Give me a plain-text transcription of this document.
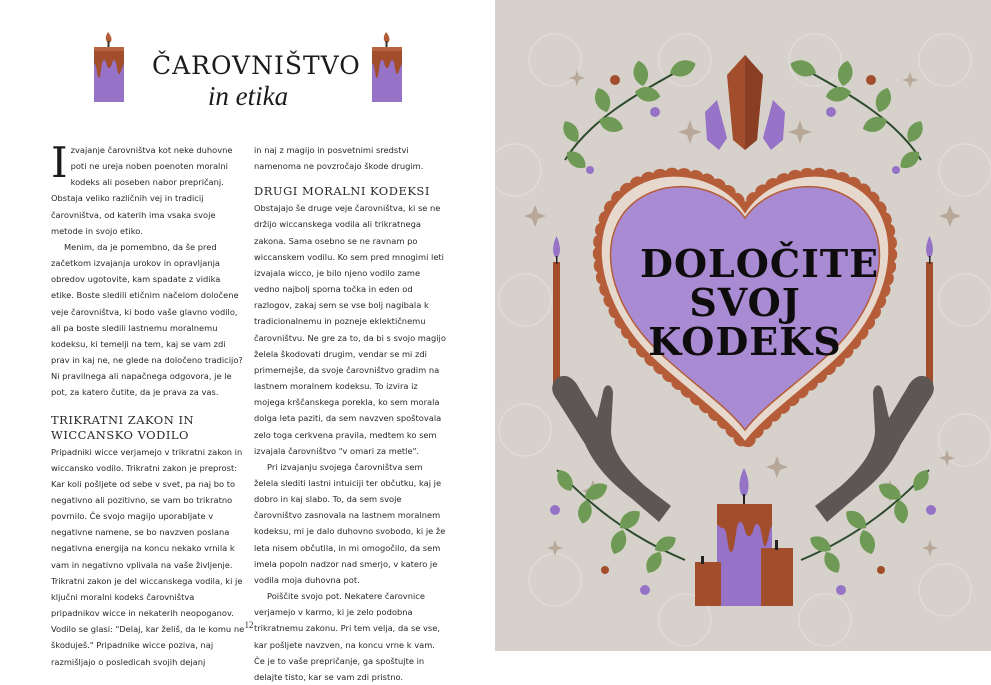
ČAROVNIŠTVO
in etika

Izvajanje čarovništva kot neke duhovne poti ne ureja noben poenoten moralni kodeks ali poseben nabor prepričanj. Obstaja veliko različnih vej in tradicij čarovništva, od katerih ima vsaka svoje metode in svojo etiko.

Menim, da je pomembno, da še pred začetkom izvajanja urokov in opravljanja obredov ugotovite, kam spadate z vidika etike. Boste sledili etičnim načelom določene veje čarovništva, ki bodo vaše glavno vodilo, ali pa boste sledili lastnemu moralnemu kodeksu, ki temelji na tem, kaj se vam zdi prav in kaj ne, ne glede na določeno tradicijo? Ni pravilnega ali napačnega odgovora, je le pot, za katero čutite, da je prava za vas.

TRIKRATNI ZAKON IN WICCANSKO VODILO

Pripadniki wicce verjamejo v trikratni zakon in wiccansko vodilo. Trikratni zakon je preprost: Kar koli pošljete od sebe v svet, pa naj bo to negativno ali pozitivno, se vam bo trikratno povrnilo. Če svojo magijo uporabljate v negativne namene, se bo navzven poslana negativna energija na koncu nekako vrnila k vam in negativno vplivala na vaše življenje. Trikratni zakon je del wiccanskega vodila, ki je ključni moralni kodeks čarovništva pripadnikov wicce in nekaterih neopoganov. Vodilo se glasi: "Delaj, kar želiš, da le komu ne škoduješ." Pripadnike wicce poziva, naj razmišljajo o posledicah svojih dejanj

in naj z magijo in posvetnimi sredstvi namenoma ne povzročajo škode drugim.

DRUGI MORALNI KODEKSI

Obstajajo še druge veje čarovništva, ki se ne držijo wiccanskega vodila ali trikratnega zakona. Sama osebno se ne ravnam po wiccanskem vodilu. Ko sem pred mnogimi leti izvajala wicco, je bilo njeno vodilo zame vedno najbolj sporna točka in eden od razlogov, zakaj sem se vse bolj nagibala k tradicionalnemu in pozneje eklektičnemu čarovništvu. Ne gre za to, da bi s svojo magijo želela škodovati drugim, vendar se mi zdi primernejše, da svoje čarovništvo gradim na lastnem moralnem kodeksu. To izvira iz mojega krščanskega porekla, ko sem morala dolga leta paziti, da sem navzven spoštovala zelo toga cerkvena pravila, medtem ko sem izvajala čarovništvo "v omari za metle".

Pri izvajanju svojega čarovništva sem želela slediti lastni intuiciji ter občutku, kaj je dobro in kaj slabo. To, da sem svoje čarovništvo zasnovala na lastnem moralnem kodeksu, mi je dalo duhovno svobodo, ki je že leta nisem občutila, in mi omogočilo, da sem imela popoln nadzor nad smerjo, v katero je vodila moja duhovna pot.

Poiščite svojo pot. Nekatere čarovnice verjamejo v karmo, ki je zelo podobna trikratnemu zakonu. Pri tem velja, da se vse, kar pošljete navzven, na koncu vrne k vam. Če je to vaše prepričanje, ga spoštujte in delajte tisto, kar se vam zdi pristno.

12
DOLOČITE
SVOJ
KODEKS
